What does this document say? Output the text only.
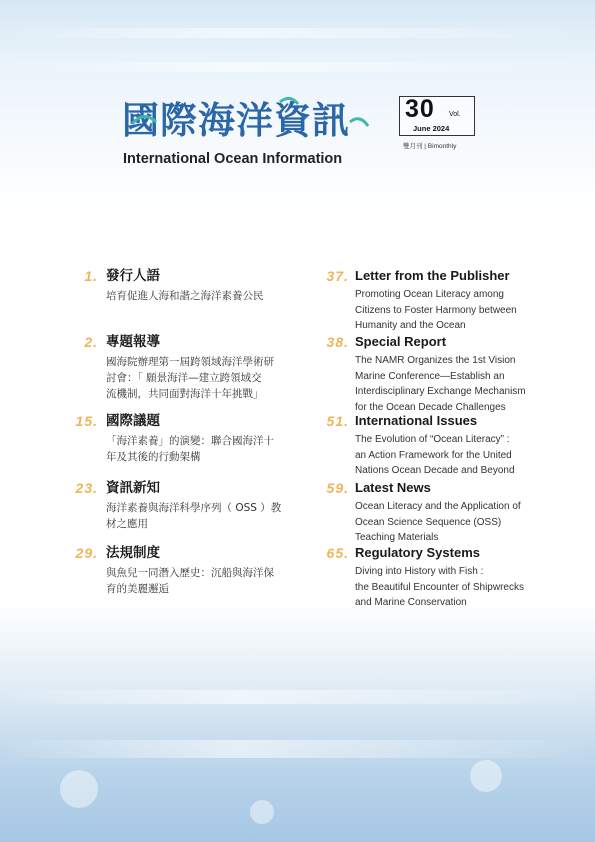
國際海洋資訊
International Ocean Information
30 Vol.
June 2024
雙月刊 | Bimonthly
1. 發行人語

培育促進人海和諧之海洋素養公民

2. 專題報導

國海院辦理第一屆跨領域海洋學術研
討會：「 願景海洋—建立跨領域交
流機制，共同面對海洋十年挑戰」

15. 國際議題

「海洋素養」的演變：聯合國海洋十
年及其後的行動架構

23. 資訊新知

海洋素養與海洋科學序列（ OSS ）教
材之應用

29. 法規制度

與魚兒一同潛入歷史：沉船與海洋保
育的美麗邂逅

37. Letter from the Publisher

Promoting Ocean Literacy among
Citizens to Foster Harmony between
Humanity and the Ocean

38. Special Report

The NAMR Organizes the 1st Vision
Marine Conference—Establish an
Interdisciplinary Exchange Mechanism
for the Ocean Decade Challenges

51. International Issues

The Evolution of “Ocean Literacy” :
an Action Framework for the United
Nations Ocean Decade and Beyond

59. Latest News

Ocean Literacy and the Application of
Ocean Science Sequence (OSS)
Teaching Materials

65. Regulatory Systems

Diving into History with Fish :
the Beautiful Encounter of Shipwrecks
and Marine Conservation
